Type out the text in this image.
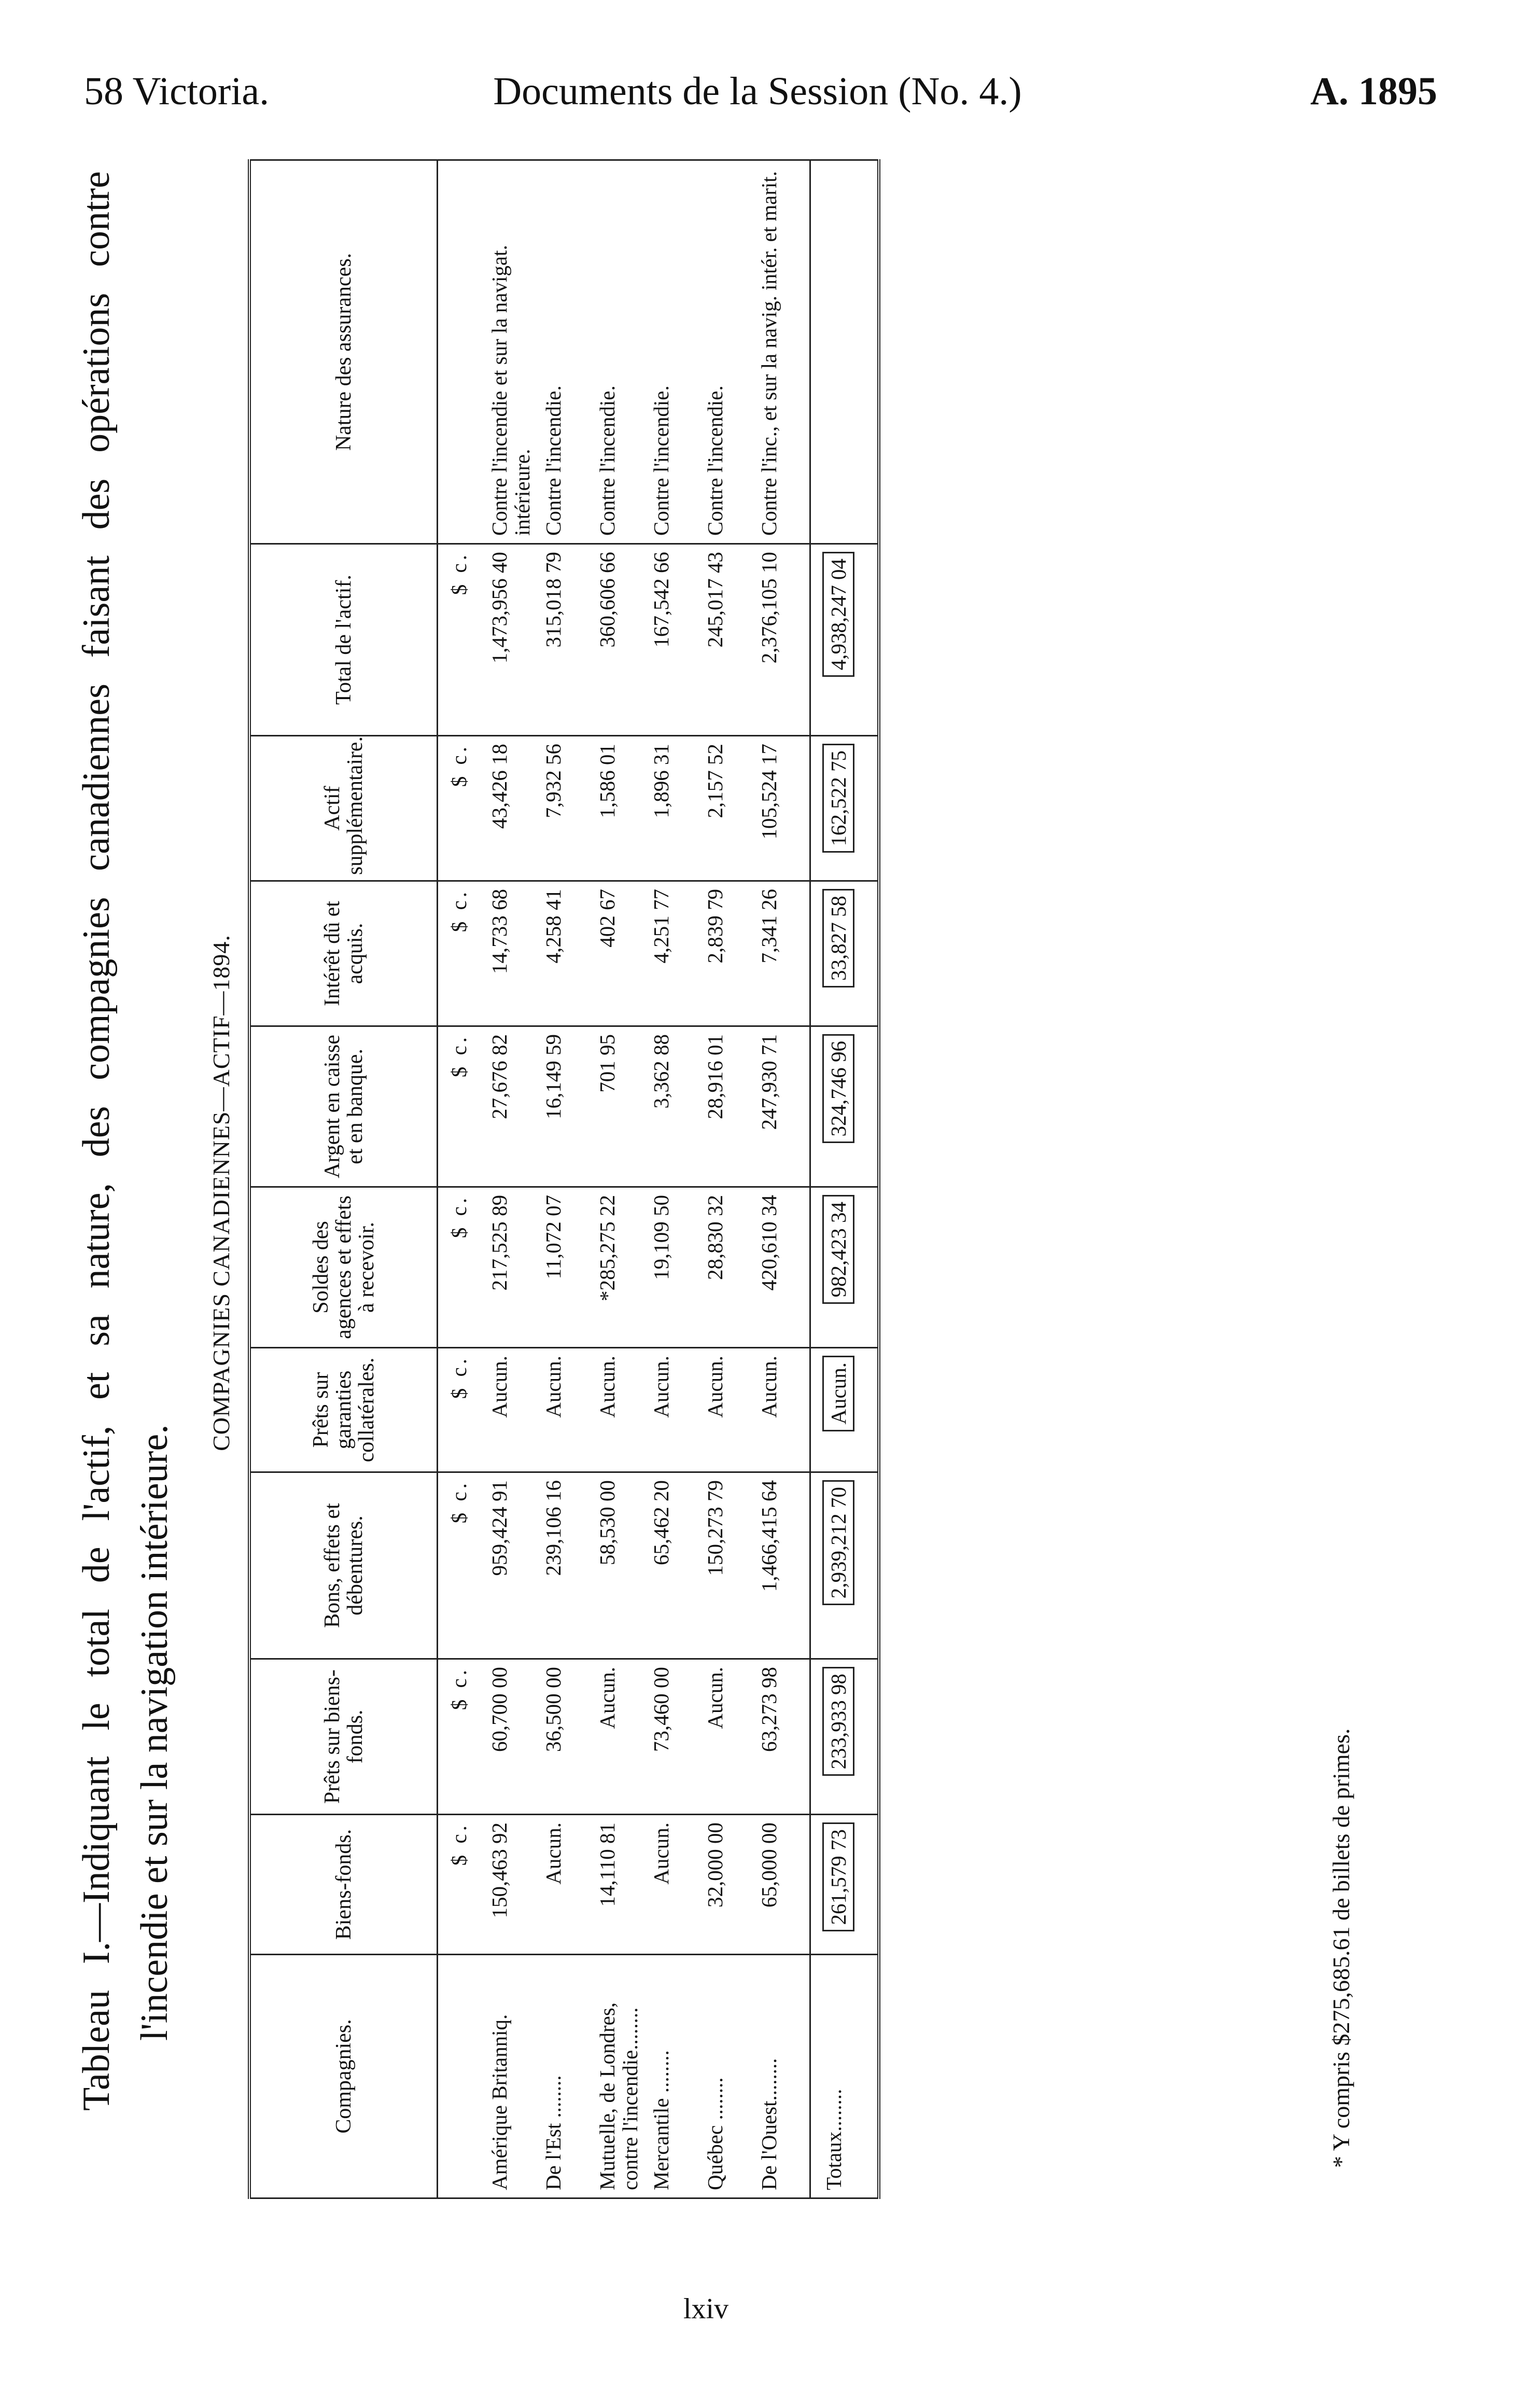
58 Victoria.	Documents de la Session (No. 4.)	A. 1895

Tableau I.—Indiquant le total de l'actif, et sa nature, des compagnies canadiennes faisant des opérations contre l'incendie et sur la navigation intérieure.

COMPAGNIES CANADIENNES—ACTIF—1894.

Compagnies.	Biens-fonds.	Prêts sur biens-fonds.	Bons, effets et débentures.	Prêts sur garanties collatérales.	Soldes des agences et effets à recevoir.	Argent en caisse et en banque.	Intérêt dû et acquis.	Actif supplémentaire.	Total de l'actif.	Nature des assurances.
	$ c.	$ c.	$ c.	$ c.	$ c.	$ c.	$ c.	$ c.	$ c.	
Amérique Britanniq.	150,463 92	60,700 00	959,424 91	Aucun.	217,525 89	27,676 82	14,733 68	43,426 18	1,473,956 40	Contre l'incendie et sur la navigat. intérieure.
De l'Est ........	Aucun.	36,500 00	239,106 16	Aucun.	11,072 07	16,149 59	4,258 41	7,932 56	315,018 79	Contre l'incendie.
Mutuelle, de Londres, contre l'incendie........	14,110 81	Aucun.	58,530 00	Aucun.	*285,275 22	701 95	402 67	1,586 01	360,606 66	Contre l'incendie.
Mercantile ........	Aucun.	73,460 00	65,462 20	Aucun.	19,109 50	3,362 88	4,251 77	1,896 31	167,542 66	Contre l'incendie.
Québec ........	32,000 00	Aucun.	150,273 79	Aucun.	28,830 32	28,916 01	2,839 79	2,157 52	245,017 43	Contre l'incendie.
De l'Ouest........	65,000 00	63,273 98	1,466,415 64	Aucun.	420,610 34	247,930 71	7,341 26	105,524 17	2,376,105 10	Contre l'inc., et sur la navig. intér. et marit.
Totaux........	261,579 73	233,933 98	2,939,212 70	Aucun.	982,423 34	324,746 96	33,827 58	162,522 75	4,938,247 04	

* Y compris $275,685.61 de billets de primes.

lxiv
